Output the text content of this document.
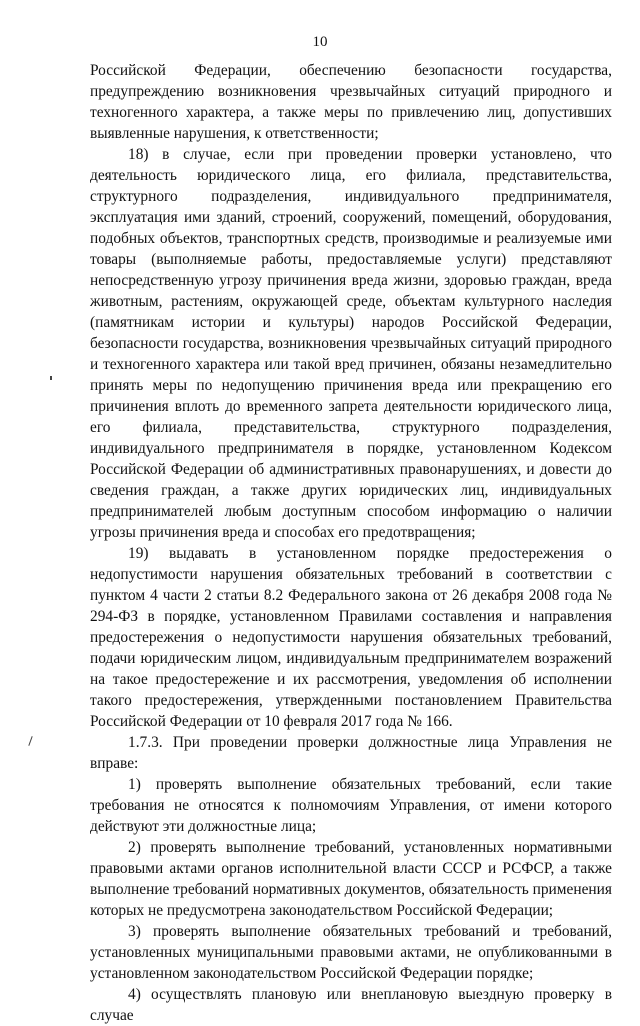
10

Российской Федерации, обеспечению безопасности государства, предупреждению возникновения чрезвычайных ситуаций природного и техногенного характера, а также меры по привлечению лиц, допустивших выявленные нарушения, к ответственности;

18) в случае, если при проведении проверки установлено, что деятельность юридического лица, его филиала, представительства, структурного подразделения, индивидуального предпринимателя, эксплуатация ими зданий, строений, сооружений, помещений, оборудования, подобных объектов, транспортных средств, производимые и реализуемые ими товары (выполняемые работы, предоставляемые услуги) представляют непосредственную угрозу причинения вреда жизни, здоровью граждан, вреда животным, растениям, окружающей среде, объектам культурного наследия (памятникам истории и культуры) народов Российской Федерации, безопасности государства, возникновения чрезвычайных ситуаций природного и техногенного характера или такой вред причинен, обязаны незамедлительно принять меры по недопущению причинения вреда или прекращению его причинения вплоть до временного запрета деятельности юридического лица, его филиала, представительства, структурного подразделения, индивидуального предпринимателя в порядке, установленном Кодексом Российской Федерации об административных правонарушениях, и довести до сведения граждан, а также других юридических лиц, индивидуальных предпринимателей любым доступным способом информацию о наличии угрозы причинения вреда и способах его предотвращения;

19) выдавать в установленном порядке предостережения о недопустимости нарушения обязательных требований в соответствии с пунктом 4 части 2 статьи 8.2 Федерального закона от 26 декабря 2008 года № 294-ФЗ в порядке, установленном Правилами составления и направления предостережения о недопустимости нарушения обязательных требований, подачи юридическим лицом, индивидуальным предпринимателем возражений на такое предостережение и их рассмотрения, уведомления об исполнении такого предостережения, утвержденными постановлением Правительства Российской Федерации от 10 февраля 2017 года № 166.

1.7.3. При проведении проверки должностные лица Управления не вправе:

1) проверять выполнение обязательных требований, если такие требования не относятся к полномочиям Управления, от имени которого действуют эти должностные лица;

2) проверять выполнение требований, установленных нормативными правовыми актами органов исполнительной власти СССР и РСФСР, а также выполнение требований нормативных документов, обязательность применения которых не предусмотрена законодательством Российской Федерации;

3) проверять выполнение обязательных требований и требований, установленных муниципальными правовыми актами, не опубликованными в установленном законодательством Российской Федерации порядке;

4) осуществлять плановую или внеплановую выездную проверку в случае
